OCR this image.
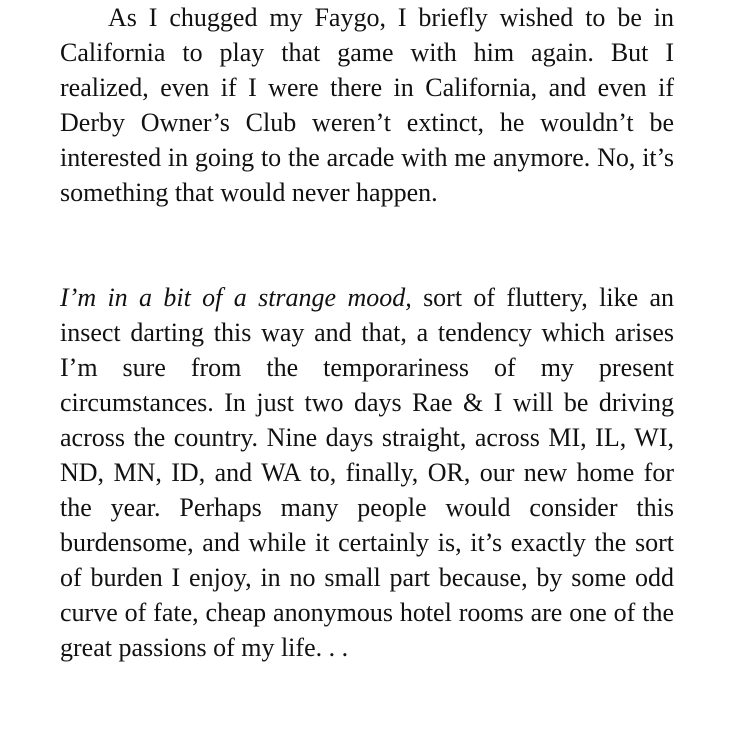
As I chugged my Faygo, I briefly wished to be in California to play that game with him again. But I realized, even if I were there in California, and even if Derby Owner’s Club weren’t extinct, he wouldn’t be interested in going to the arcade with me anymore. No, it’s something that would never happen.

I’m in a bit of a strange mood, sort of fluttery, like an insect darting this way and that, a tendency which arises I’m sure from the temporariness of my present circumstances. In just two days Rae & I will be driving across the country. Nine days straight, across MI, IL, WI, ND, MN, ID, and WA to, finally, OR, our new home for the year. Perhaps many people would consider this burdensome, and while it certainly is, it’s exactly the sort of burden I enjoy, in no small part because, by some odd curve of fate, cheap anonymous hotel rooms are one of the great passions of my life. . .
